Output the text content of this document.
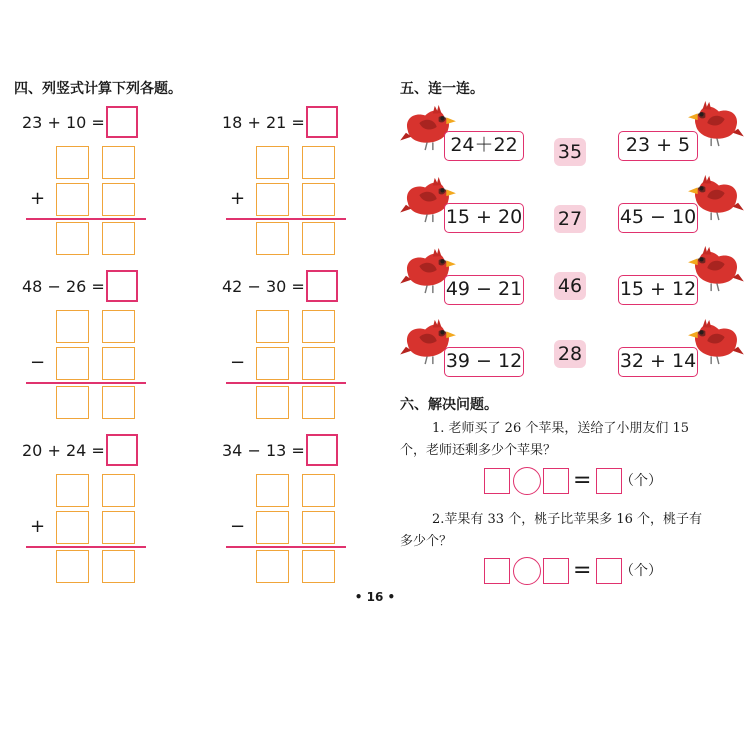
四、列竖式计算下列各题。
23 + 10 =
+
18 + 21 =
+
48 − 26 =
−
42 − 30 =
−
20 + 24 =
+
34 − 13 =
−
五、连一连。
24＋22	35	23 + 5
15 + 20 27 45 − 10
49 − 21 46 15 + 12
39 − 12 28 32 + 14
六、解决问题。
1. 老师买了 26 个苹果，送给了小朋友们 15
个，老师还剩多少个苹果？
= （个）
2.苹果有 33 个，桃子比苹果多 16 个，桃子有
多少个？
= （个）
• 16 •
